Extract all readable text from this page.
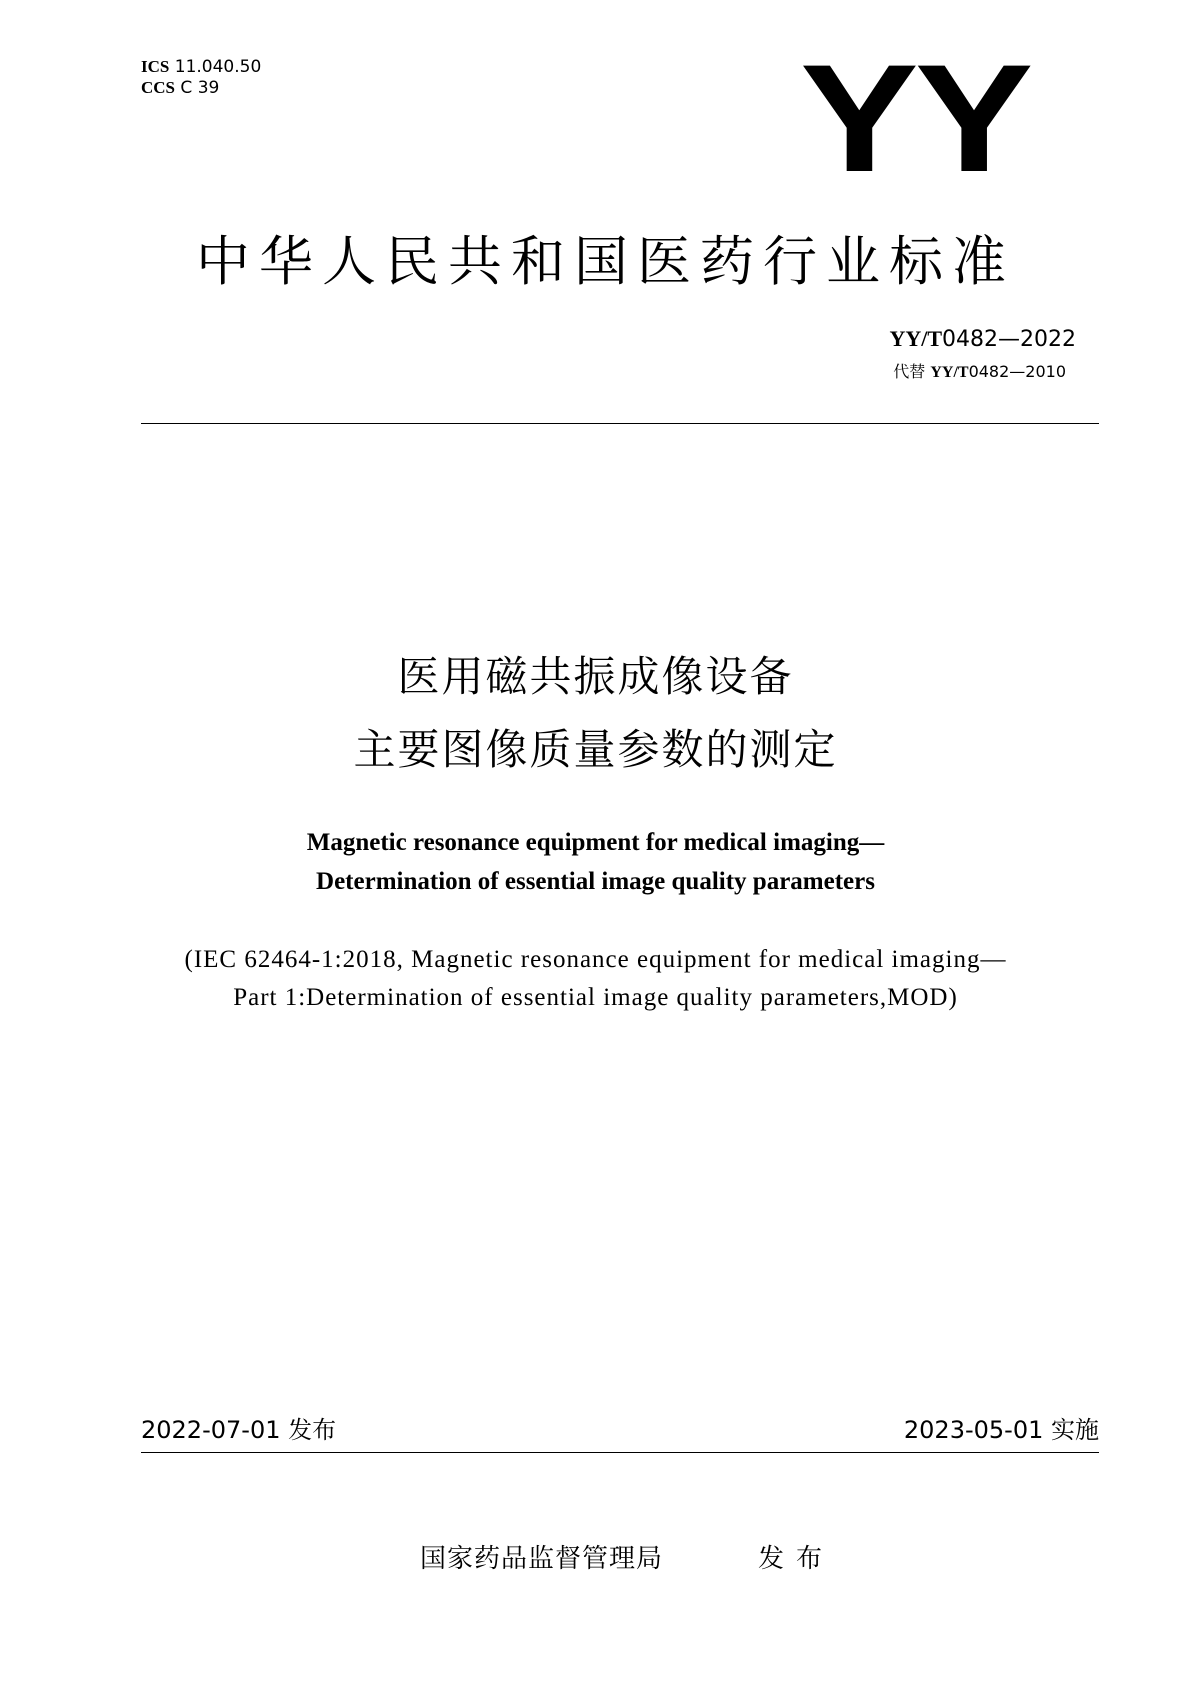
ICS 11.040.50
CCS C 39	YY
中华人民共和国医药行业标准
YY/T0482—2022
代替 YY/T0482—2010
医用磁共振成像设备
主要图像质量参数的测定
Magnetic resonance equipment for medical imaging—
Determination of essential image quality parameters
(IEC 62464-1:2018, Magnetic resonance equipment for medical imaging—
Part 1:Determination of essential image quality parameters,MOD)
2022-07-01 发布	2023-05-01 实施
国家药品监督管理局	发布
